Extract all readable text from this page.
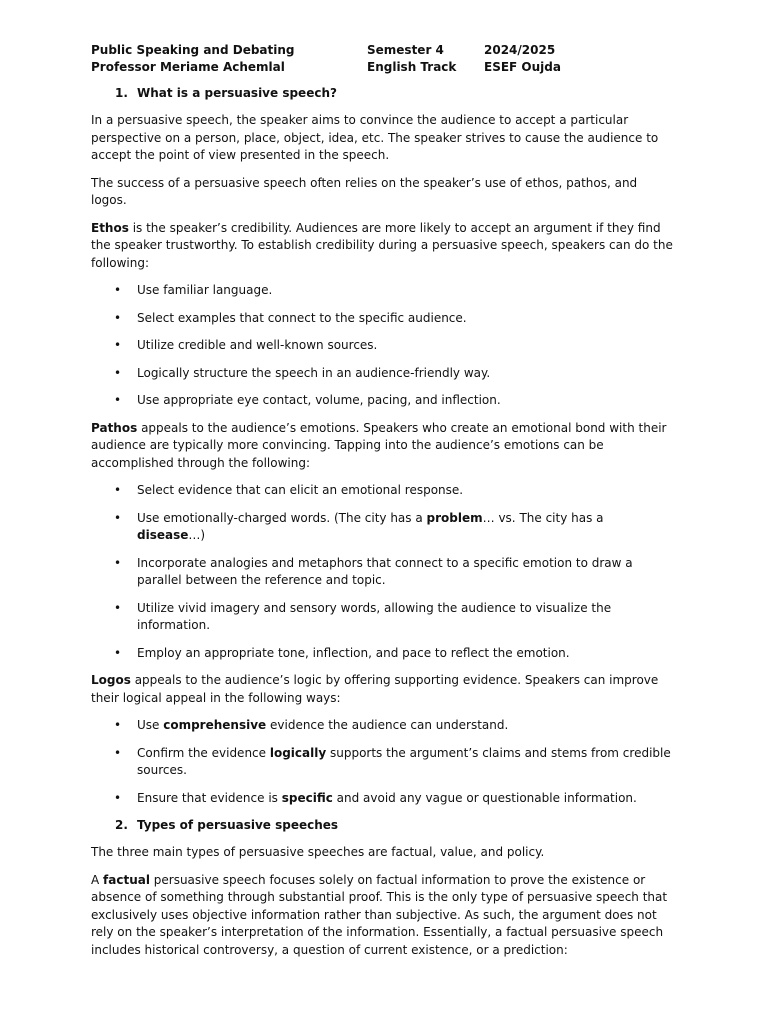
Public Speaking and Debating	Semester 4	2024/2025
Professor Meriame Achemlal	English Track	ESEF Oujda
1. What is a persuasive speech?

In a persuasive speech, the speaker aims to convince the audience to accept a particular perspective on a person, place, object, idea, etc. The speaker strives to cause the audience to accept the point of view presented in the speech.

The success of a persuasive speech often relies on the speaker’s use of ethos, pathos, and logos.

Ethos is the speaker’s credibility. Audiences are more likely to accept an argument if they find the speaker trustworthy. To establish credibility during a persuasive speech, speakers can do the following:

• Use familiar language.
• Select examples that connect to the specific audience.
• Utilize credible and well-known sources.
• Logically structure the speech in an audience-friendly way.
• Use appropriate eye contact, volume, pacing, and inflection.

Pathos appeals to the audience’s emotions. Speakers who create an emotional bond with their audience are typically more convincing. Tapping into the audience’s emotions can be accomplished through the following:

• Select evidence that can elicit an emotional response.
• Use emotionally-charged words. (The city has a problem… vs. The city has a disease…)
• Incorporate analogies and metaphors that connect to a specific emotion to draw a parallel between the reference and topic.
• Utilize vivid imagery and sensory words, allowing the audience to visualize the information.
• Employ an appropriate tone, inflection, and pace to reflect the emotion.

Logos appeals to the audience’s logic by offering supporting evidence. Speakers can improve their logical appeal in the following ways:

• Use comprehensive evidence the audience can understand.
• Confirm the evidence logically supports the argument’s claims and stems from credible sources.
• Ensure that evidence is specific and avoid any vague or questionable information.
2. Types of persuasive speeches

The three main types of persuasive speeches are factual, value, and policy.

A factual persuasive speech focuses solely on factual information to prove the existence or absence of something through substantial proof. This is the only type of persuasive speech that exclusively uses objective information rather than subjective. As such, the argument does not rely on the speaker’s interpretation of the information. Essentially, a factual persuasive speech includes historical controversy, a question of current existence, or a prediction:
